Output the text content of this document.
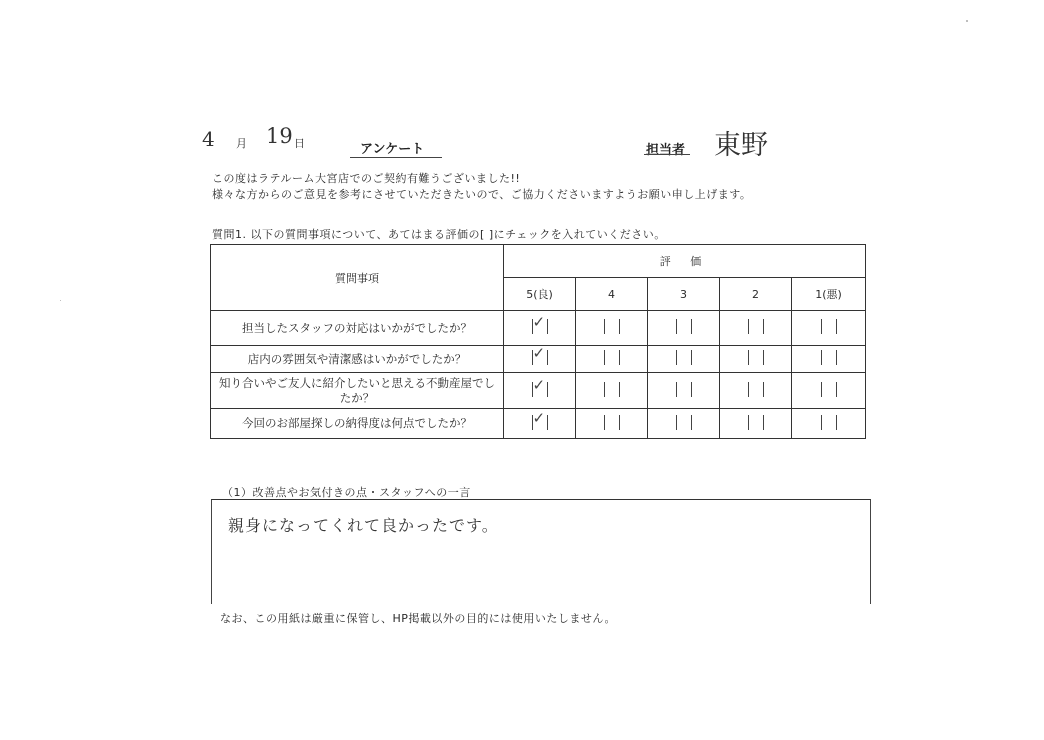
4 月 19 日	アンケート	担当者 東野
この度はラテルーム大宮店でのご契約有難うございました!!
様々な方からのご意見を参考にさせていただきたいので、ご協力くださいますようお願い申し上げます。
質問1. 以下の質問事項について、あてはまる評価の[ ]にチェックを入れていください。
質問事項	評 価				
	5(良)	4	3	2	1(悪)
担当したスタッフの対応はいかがでしたか？	✓				

店内の雰囲気や清潔感はいかがでしたか？	✓				

知り合いやご友人に紹介したいと思える不動産屋でしたか？	✓				

今回のお部屋探しの納得度は何点でしたか？	✓				

（1）改善点やお気付きの点・スタッフへの一言
親身になってくれて良かったです。
なお、この用紙は厳重に保管し、HP掲載以外の目的には使用いたしません。
